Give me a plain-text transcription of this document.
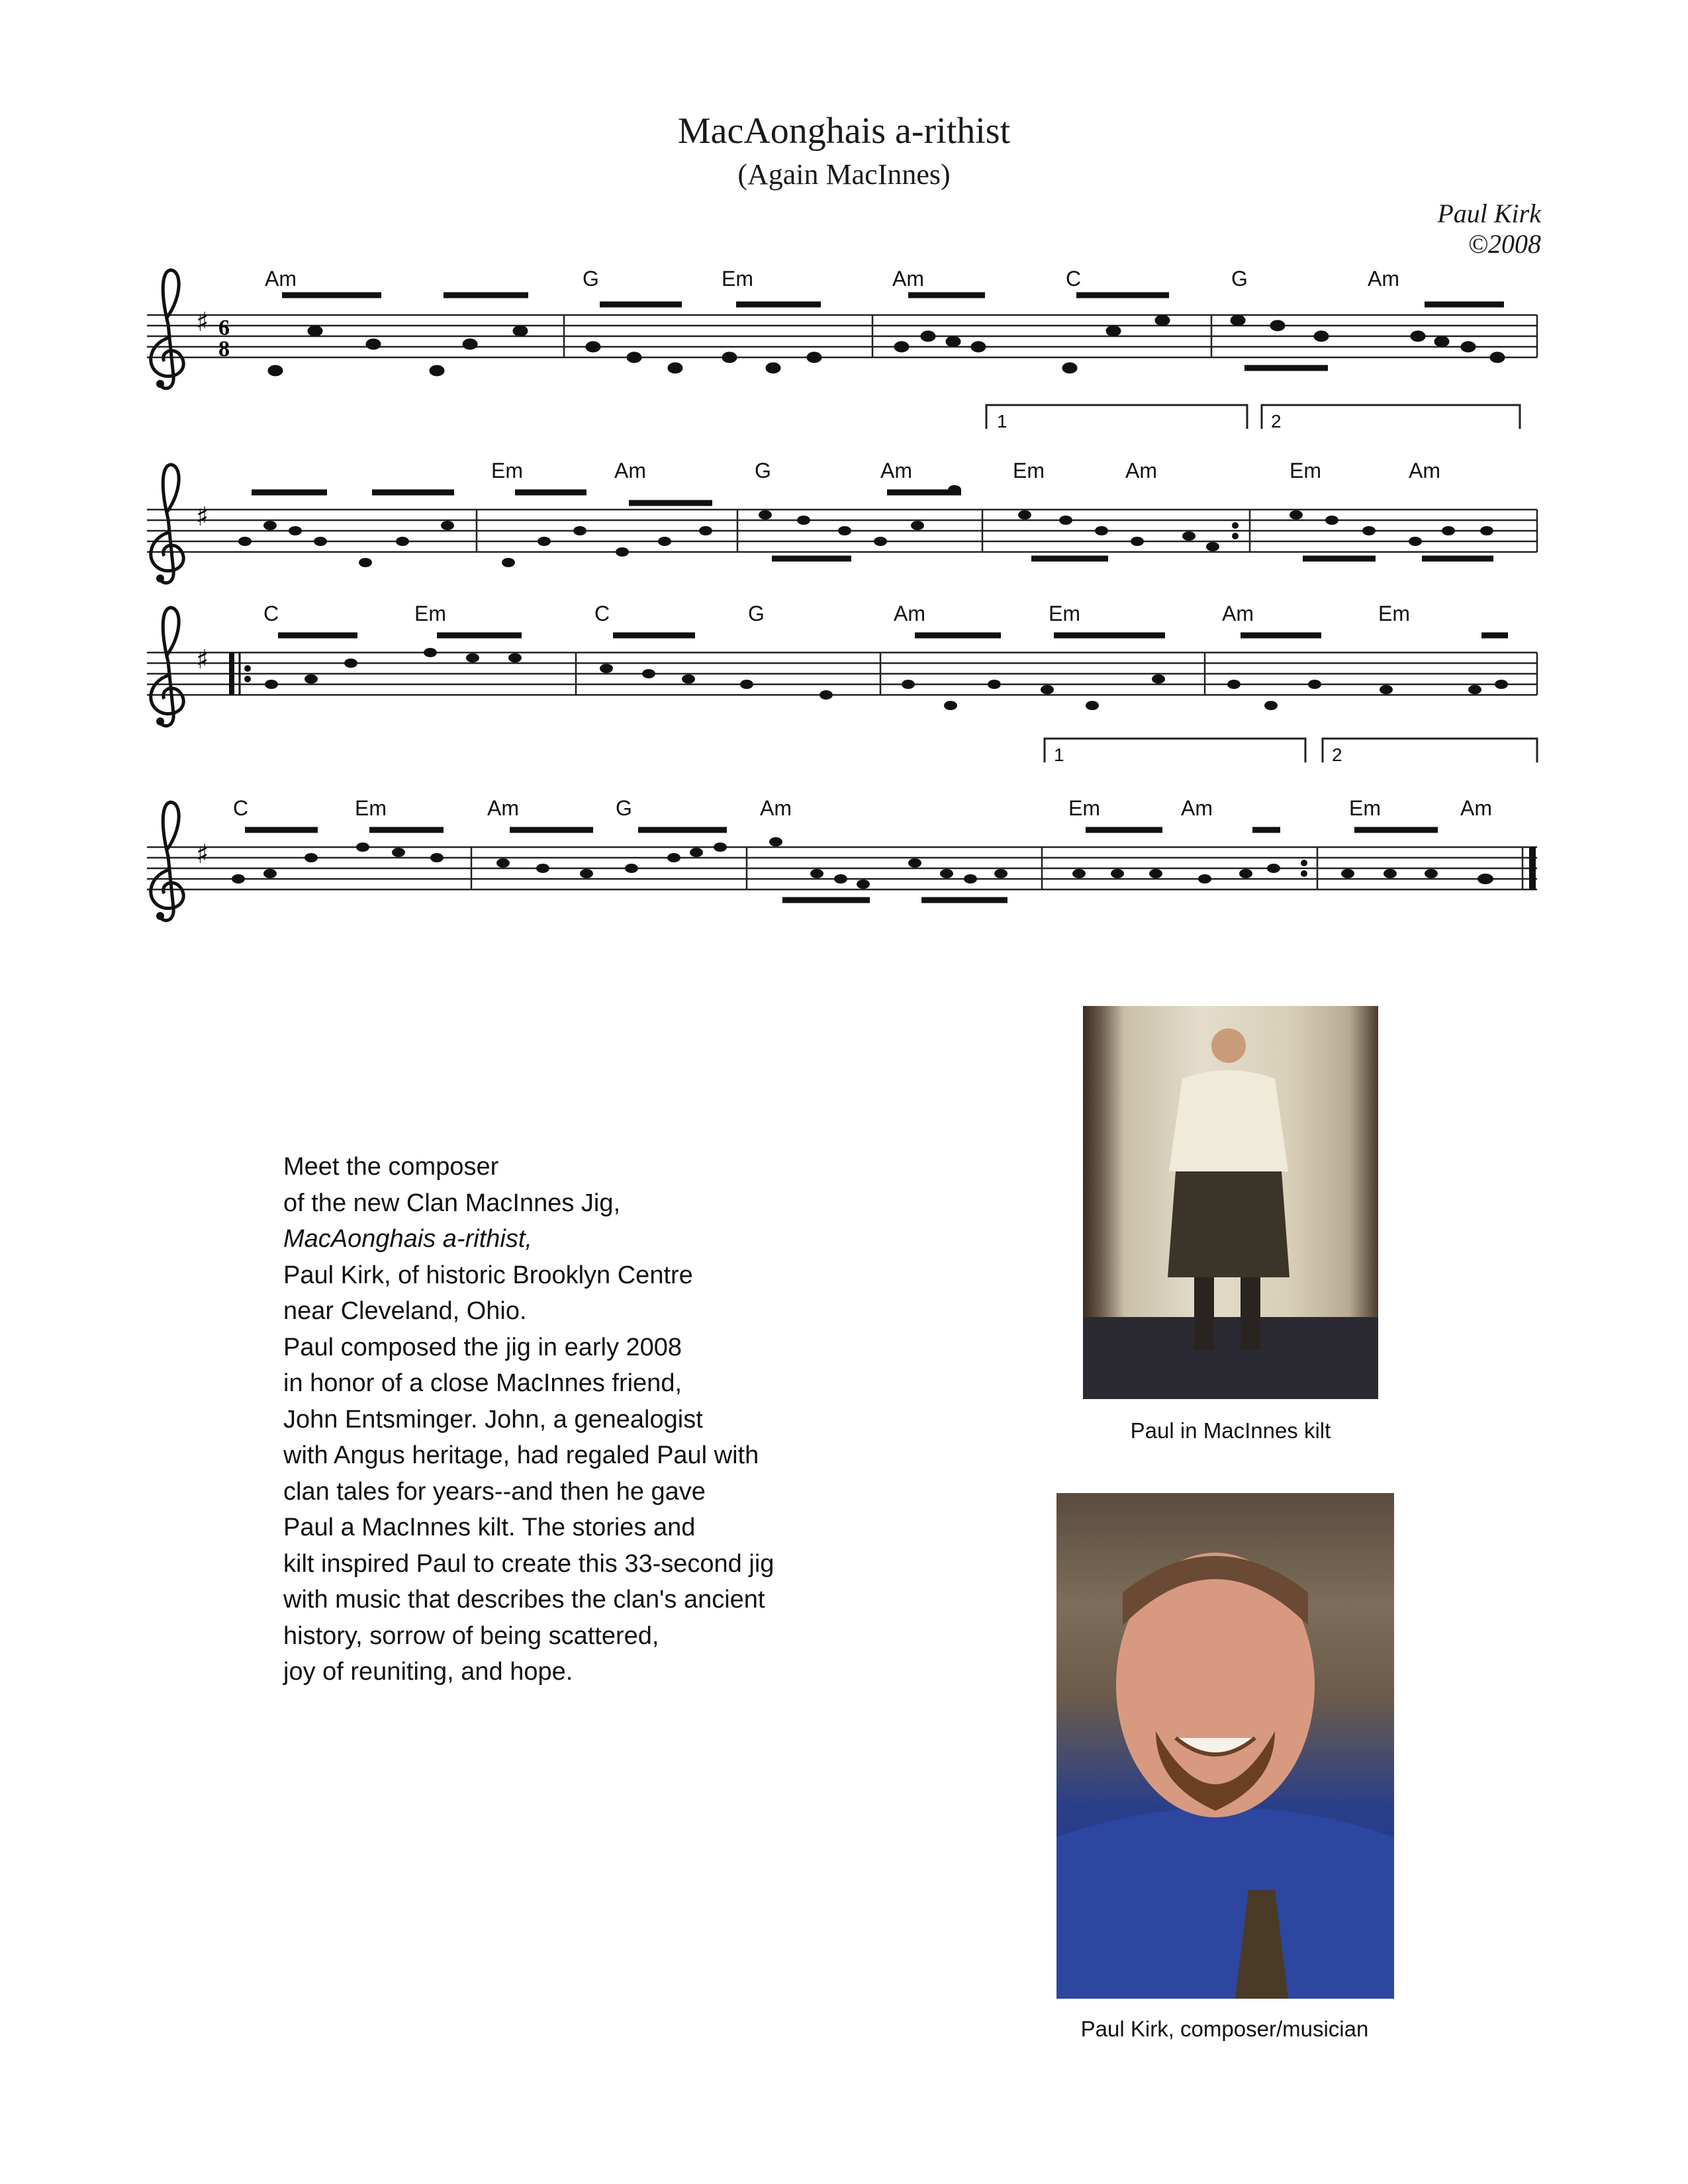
MacAonghais a-rithist
(Again MacInnes)
Paul Kirk
©2008
♯ 6
8
♯
1	2
♯
♯
1	2
Am	G	Em	Am	C	G	Am
Em	Am	G	Am	Em	Am	Em	Am
C	Em	C	G	Am	Em	Am	Em
C	Em	Am	G	Am	Em	Am	Em	Am
Meet the composer
of the new Clan MacInnes Jig,
MacAonghais a-rithist,
Paul Kirk, of historic Brooklyn Centre
near Cleveland, Ohio.
Paul composed the jig in early 2008
in honor of a close MacInnes friend,
John Entsminger. John, a genealogist
with Angus heritage, had regaled Paul with
clan tales for years--and then he gave
Paul a MacInnes kilt. The stories and
kilt inspired Paul to create this 33-second jig
with music that describes the clan's ancient
history, sorrow of being scattered,
joy of reuniting, and hope.
Paul in MacInnes kilt
Paul Kirk, composer/musician
